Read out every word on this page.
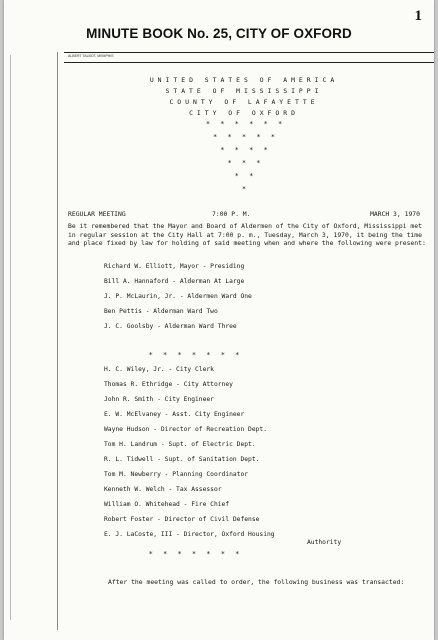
1
MINUTE BOOK No. 25, CITY OF OXFORD
ALBERT TALBOT, MEMPHIS
UNITED STATES OF AMERICA
STATE OF MISSISSIPPI
COUNTY OF LAFAYETTE
CITY OF OXFORD
* * * * * *
* * * * *
* * * *
* * *
* *
*
REGULAR MEETING	7:00 P. M.	MARCH 3, 1970
Be it remembered that the Mayor and Board of Aldermen of the City of Oxford, Mississippi met in regular session at the City Hall at 7:00 p. m., Tuesday, March 3, 1970, it being the time and place fixed by law for holding of said meeting when and where the following were present:
Richard W. Elliott, Mayor - Presiding
Bill A. Hannaford - Alderman At Large
J. P. McLaurin, Jr. - Aldermen Ward One
Ben Pettis - Alderman Ward Two
J. C. Goolsby - Alderman Ward Three
* * * * * * *
H. C. Wiley, Jr. - City Clerk
Thomas R. Ethridge - City Attorney
John R. Smith - City Engineer
E. W. McElvaney - Asst. City Engineer
Wayne Hudson - Director of Recreation Dept.
Tom H. Landrum - Supt. of Electric Dept.
R. L. Tidwell - Supt. of Sanitation Dept.
Tom M. Newberry - Planning Coordinator
Kenneth W. Welch - Tax Assessor
William O. Whitehead - Fire Chief
Robert Foster - Director of Civil Defense
E. J. LaCoste, III - Director, Oxford Housing
Authority
* * * * * * *
After the meeting was called to order, the following business was transacted:
